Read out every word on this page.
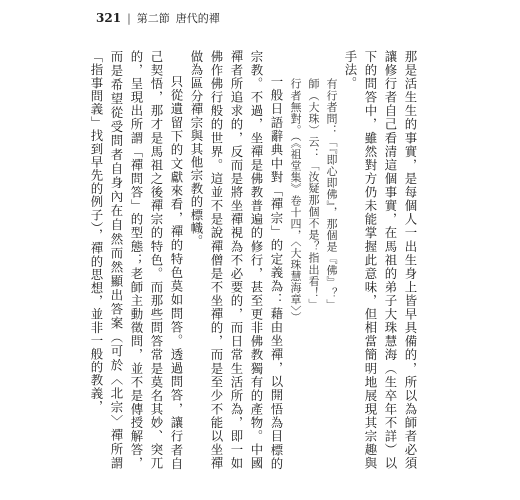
321 | 第二節 唐代的禪

那是活生生的事實，是每個人一出生身上皆早具備的，所以為師者必須讓修行者自己看清這個事實，在馬祖的弟子大珠慧海（生卒年不詳）以下的問答中，雖然對方仍未能掌握此意味，但相當簡明地展現其宗趣與手法。

有行者問：「『即心即佛』，那個是『佛』？」

師（大珠）云：「汝疑那個不是？指出看！」

行者無對。（《祖堂集》卷十四，〈大珠慧海章〉）

一般日語辭典中對「禪宗」的定義為：藉由坐禪，以開悟為目標的宗教。不過，坐禪是佛教普遍的修行，甚至更非佛教獨有的產物。中國禪者所追求的，反而是將坐禪視為不必要的，而日常生活所為，即一如佛作佛行般的世界。這並不是說禪僧是不坐禪的，而是至少不能以坐禪做為區分禪宗與其他宗教的標幟。

只從遺留下的文獻來看，禪的特色莫如問答。透過問答，讓行者自己契悟，那才是馬祖之後禪宗的特色。而那些問答常是莫名其妙、突兀的，呈現出所謂「禪問答」的型態；老師主動徵問，並不是傳授解答，而是希望從受問者自身內在自然而然顯出答案（可於〈北宗〉禪所謂「指事問義」找到早先的例子），禪的思想，並非一般的教義，
